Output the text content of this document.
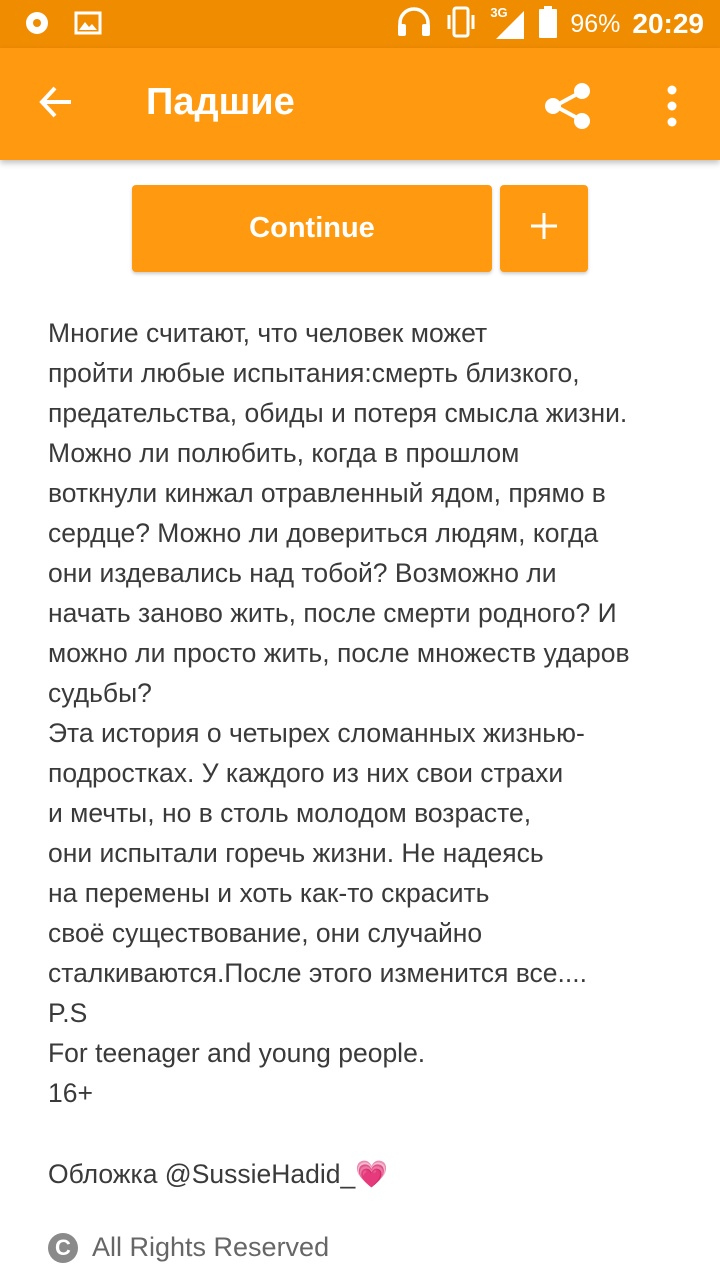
3G	96% 20:29
Падшие
Continue
Многие считают, что человек может
пройти любые испытания:смерть близкого,
предательства, обиды и потеря смысла жизни.
Можно ли полюбить, когда в прошлом
воткнули кинжал отравленный ядом, прямо в
сердце? Можно ли довериться людям, когда
они издевались над тобой? Возможно ли
начать заново жить, после смерти родного? И
можно ли просто жить, после множеств ударов
судьбы?
Эта история о четырех сломанных жизнью-
подростках. У каждого из них свои страхи
и мечты, но в столь молодом возрасте,
они испытали горечь жизни. Не надеясь
на перемены и хоть как-то скрасить
своё существование, они случайно
сталкиваются.После этого изменится все....
P.S
For teenager and young people.
16+
Обложка @SussieHadid_💗
C All Rights Reserved
